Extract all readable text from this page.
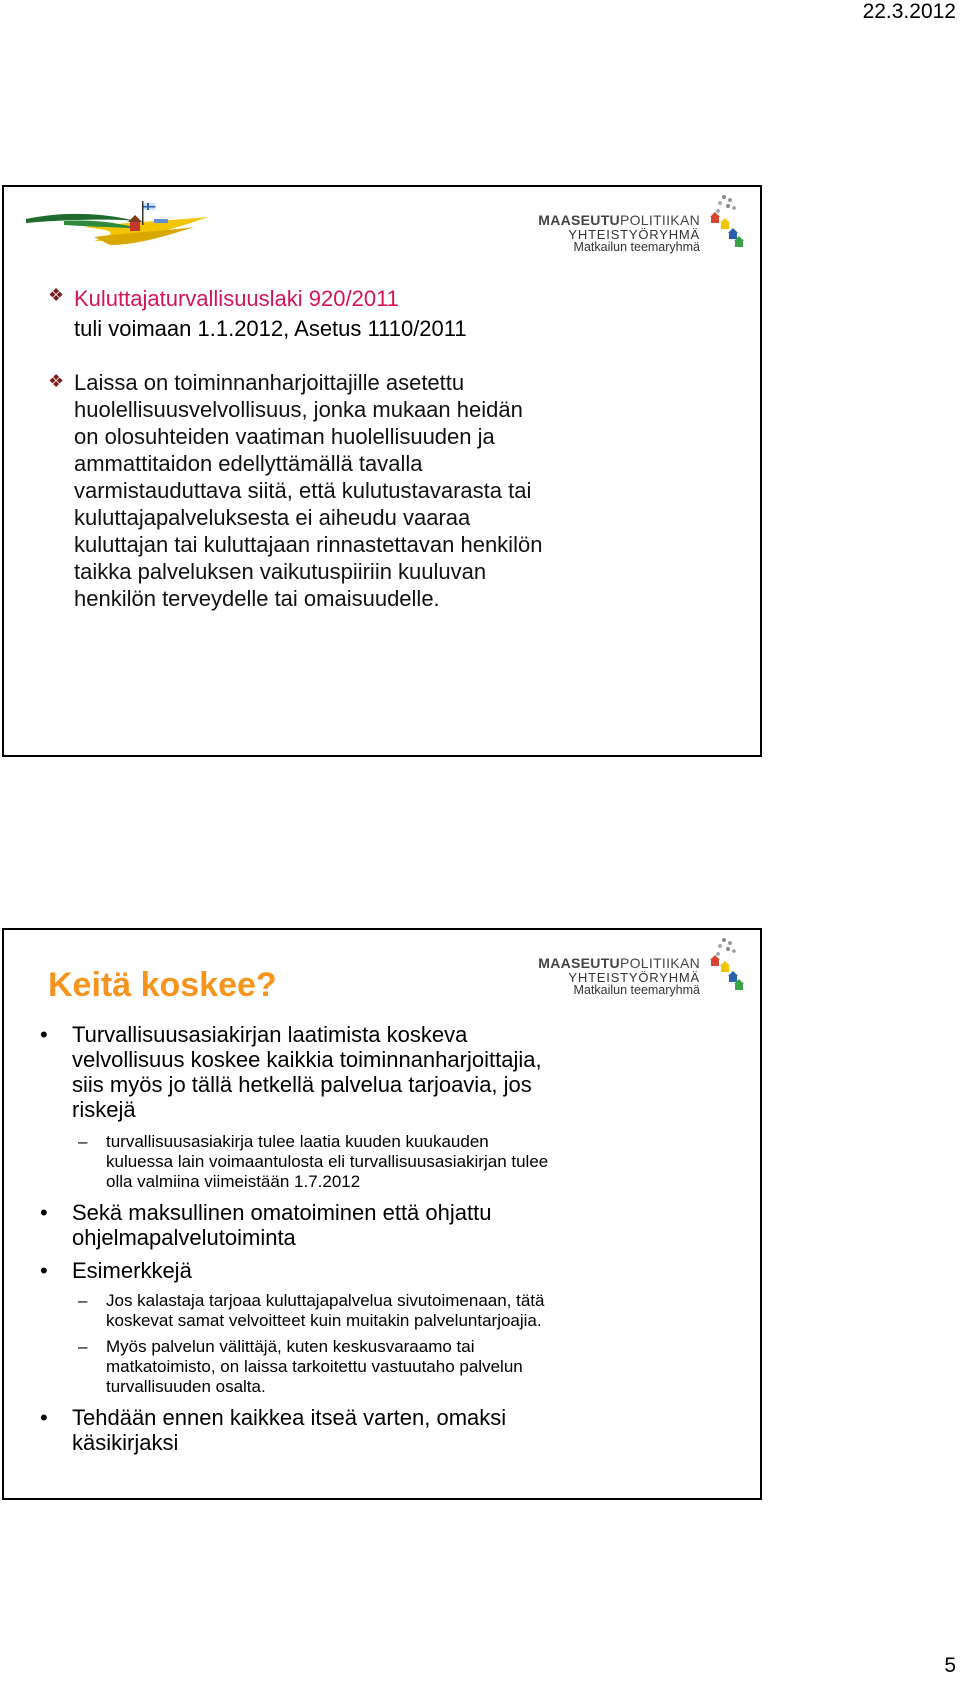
22.3.2012
MAASEUTUPOLITIIKAN
YHTEISTYÖRYHMÄ
Matkailun teemaryhmä
❖ Kuluttajaturvallisuuslaki 920/2011
tuli voimaan 1.1.2012, Asetus 1110/2011
❖ Laissa on toiminnanharjoittajille asetettu
huolellisuusvelvollisuus, jonka mukaan heidän
on olosuhteiden vaatiman huolellisuuden ja
ammattitaidon edellyttämällä tavalla
varmistauduttava siitä, että kulutustavarasta tai
kuluttajapalveluksesta ei aiheudu vaaraa
kuluttajan tai kuluttajaan rinnastettavan henkilön
taikka palveluksen vaikutuspiiriin kuuluvan
henkilön terveydelle tai omaisuudelle.
MAASEUTUPOLITIIKAN
YHTEISTYÖRYHMÄ
Matkailun teemaryhmä
Keitä koskee?
• Turvallisuusasiakirjan laatimista koskeva
velvollisuus koskee kaikkia toiminnanharjoittajia,
siis myös jo tällä hetkellä palvelua tarjoavia, jos
riskejä
– turvallisuusasiakirja tulee laatia kuuden kuukauden
kuluessa lain voimaantulosta eli turvallisuusasiakirjan tulee
olla valmiina viimeistään 1.7.2012
• Sekä maksullinen omatoiminen että ohjattu
ohjelmapalvelutoiminta
• Esimerkkejä
– Jos kalastaja tarjoaa kuluttajapalvelua sivutoimenaan, tätä
koskevat samat velvoitteet kuin muitakin palveluntarjoajia.
– Myös palvelun välittäjä, kuten keskusvaraamo tai
matkatoimisto, on laissa tarkoitettu vastuutaho palvelun
turvallisuuden osalta.
• Tehdään ennen kaikkea itseä varten, omaksi
käsikirjaksi
5
